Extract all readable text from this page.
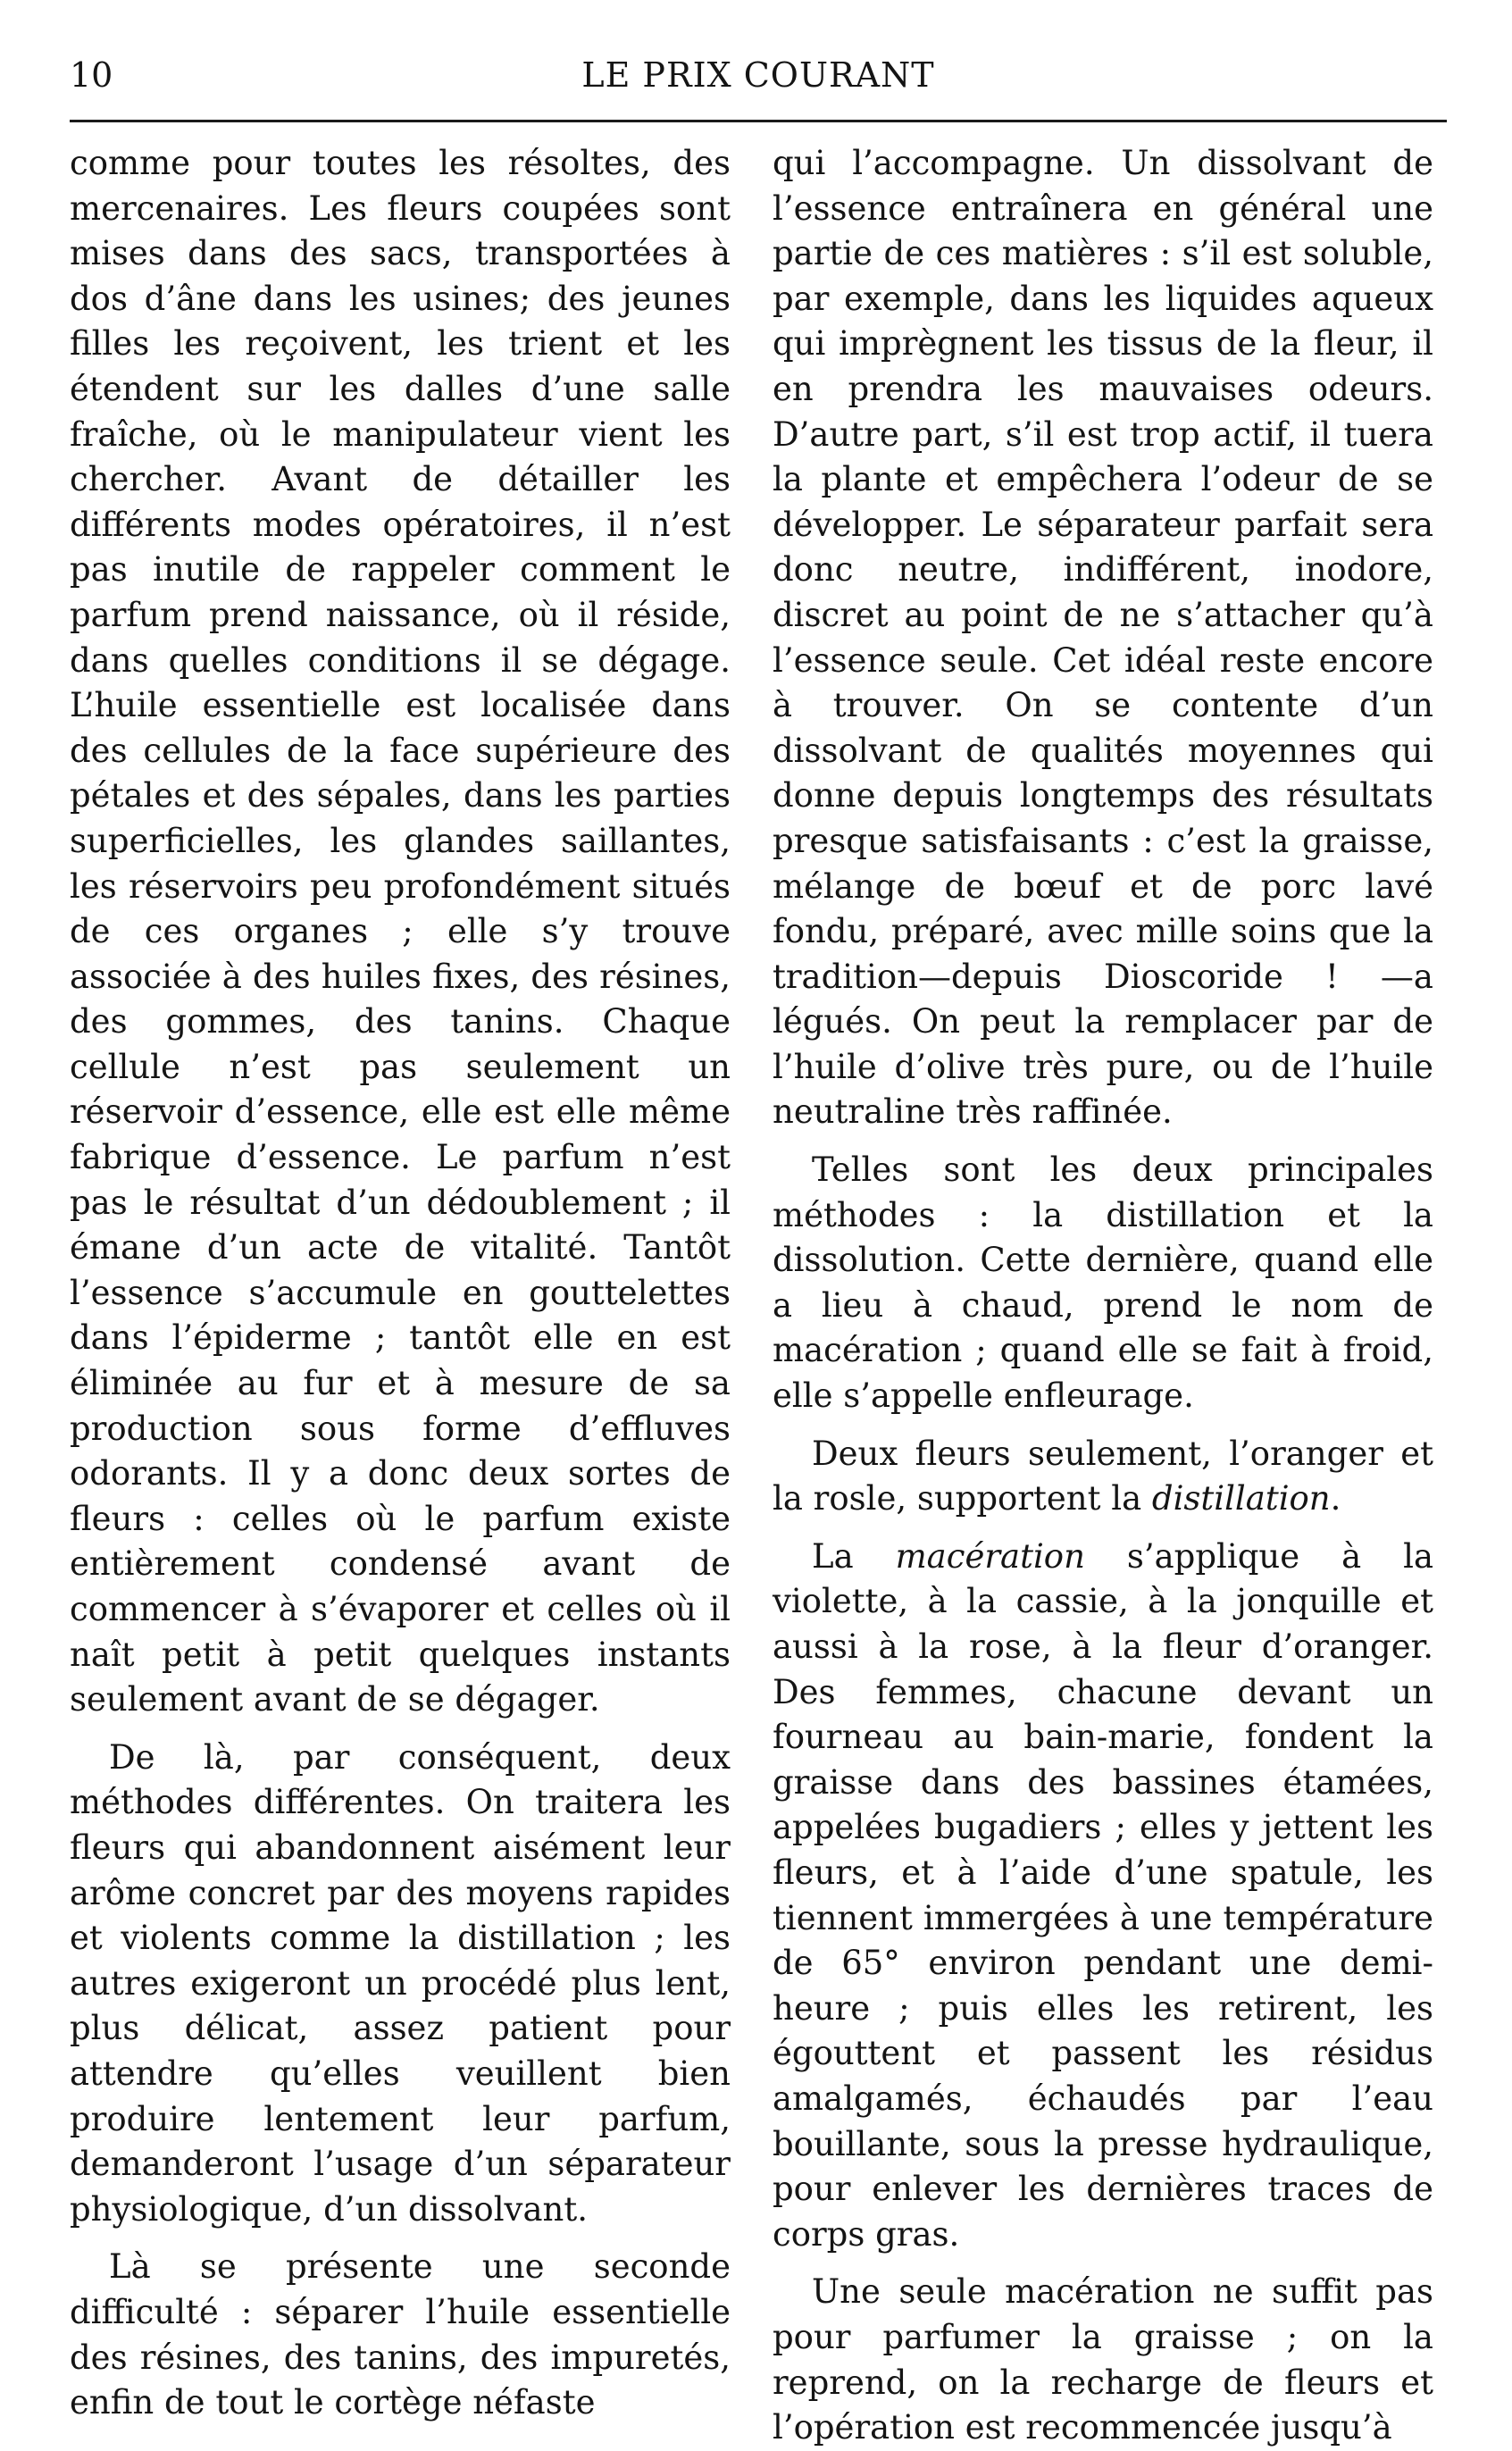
10	LE PRIX COURANT

comme pour toutes les résoltes, des mercenaires. Les fleurs coupées sont mises dans des sacs, transportées à dos d’âne dans les usines; des jeunes filles les reçoivent, les trient et les étendent sur les dalles d’une salle fraîche, où le manipulateur vient les chercher. Avant de détailler les différents modes opératoires, il n’est pas inutile de rappeler comment le parfum prend naissance, où il réside, dans quelles conditions il se dégage. L’huile essentielle est localisée dans des cellules de la face supérieure des pétales et des sépales, dans les parties superficielles, les glandes saillantes, les réservoirs peu profondément situés de ces organes ; elle s’y trouve associée à des huiles fixes, des résines, des gommes, des tanins. Chaque cellule n’est pas seulement un réservoir d’essence, elle est elle même fabrique d’essence. Le parfum n’est pas le résultat d’un dédoublement ; il émane d’un acte de vitalité. Tantôt l’essence s’accumule en gouttelettes dans l’épiderme ; tantôt elle en est éliminée au fur et à mesure de sa production sous forme d’effluves odorants. Il y a donc deux sortes de fleurs : celles où le parfum existe entièrement condensé avant de commencer à s’évaporer et celles où il naît petit à petit quelques instants seulement avant de se dégager.

De là, par conséquent, deux méthodes différentes. On traitera les fleurs qui abandonnent aisément leur arôme concret par des moyens rapides et violents comme la distillation ; les autres exigeront un procédé plus lent, plus délicat, assez patient pour attendre qu’elles veuillent bien produire lentement leur parfum, demanderont l’usage d’un séparateur physiologique, d’un dissolvant.

Là se présente une seconde difficulté : séparer l’huile essentielle des résines, des tanins, des impuretés, enfin de tout le cortège néfaste

qui l’accompagne. Un dissolvant de l’essence entraînera en général une partie de ces matières : s’il est soluble, par exemple, dans les liquides aqueux qui imprègnent les tissus de la fleur, il en prendra les mauvaises odeurs. D’autre part, s’il est trop actif, il tuera la plante et empêchera l’odeur de se développer. Le séparateur parfait sera donc neutre, indifférent, inodore, discret au point de ne s’attacher qu’à l’essence seule. Cet idéal reste encore à trouver. On se contente d’un dissolvant de qualités moyennes qui donne depuis longtemps des résultats presque satisfaisants : c’est la graisse, mélange de bœuf et de porc lavé fondu, préparé, avec mille soins que la tradition—depuis Dioscoride ! —a légués. On peut la remplacer par de l’huile d’olive très pure, ou de l’huile neutraline très raffinée.

Telles sont les deux principales méthodes : la distillation et la dissolution. Cette dernière, quand elle a lieu à chaud, prend le nom de macération ; quand elle se fait à froid, elle s’appelle enfleurage.

Deux fleurs seulement, l’oranger et la rosle, supportent la distillation.

La macération s’applique à la violette, à la cassie, à la jonquille et aussi à la rose, à la fleur d’oranger. Des femmes, chacune devant un fourneau au bain-marie, fondent la graisse dans des bassines étamées, appelées bugadiers ; elles y jettent les fleurs, et à l’aide d’une spatule, les tiennent immergées à une température de 65° environ pendant une demi-heure ; puis elles les retirent, les égouttent et passent les résidus amalgamés, échaudés par l’eau bouillante, sous la presse hydraulique, pour enlever les dernières traces de corps gras.

Une seule macération ne suffit pas pour parfumer la graisse ; on la reprend, on la recharge de fleurs et l’opération est recommencée jusqu’à
